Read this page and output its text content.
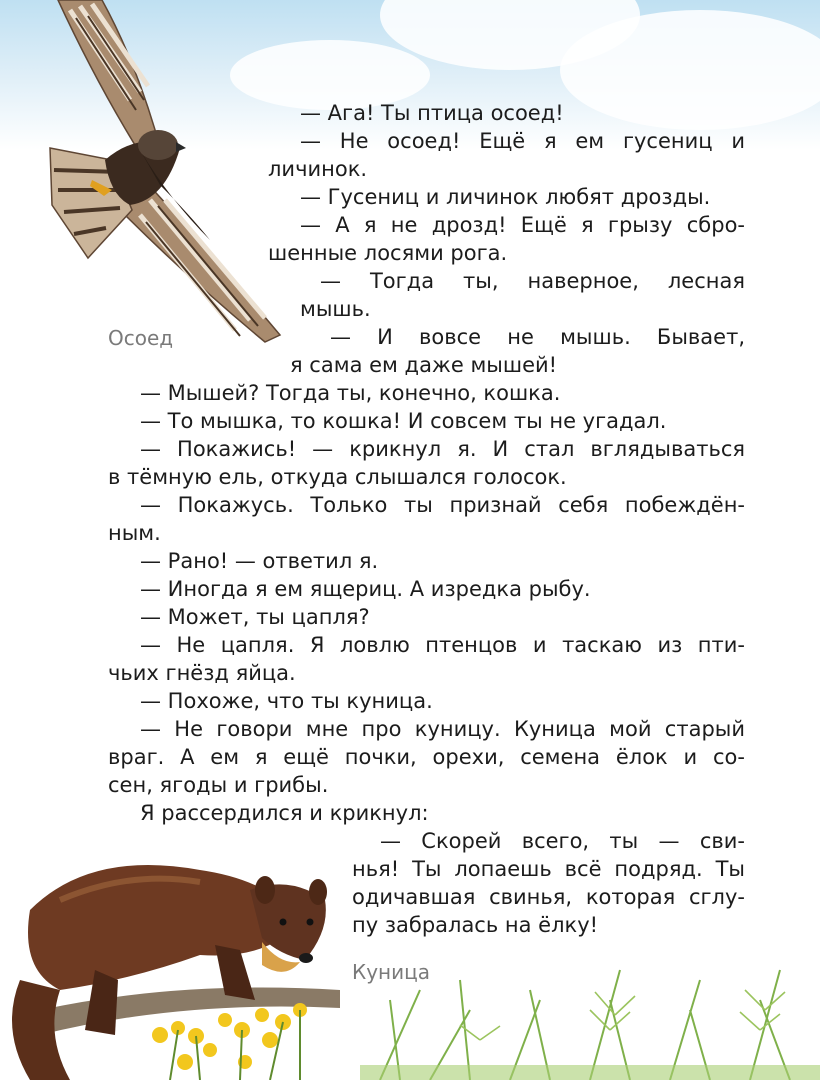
Осоед
— Ага! Ты птица осоед!
— Не осоед! Ещё я ем гусениц и
личинок.
— Гусениц и личинок любят дрозды.
— А я не дрозд! Ещё я грызу сбро-
шенные лосями рога.
— Тогда ты, наверное, лесная
мышь.
— И вовсе не мышь. Бывает,
я сама ем даже мышей!
— Мышей? Тогда ты, конечно, кошка.
— То мышка, то кошка! И совсем ты не угадал.
— Покажись! — крикнул я. И стал вглядываться
в тёмную ель, откуда слышался голосок.
— Покажусь. Только ты признай себя побеждён-
ным.
— Рано! — ответил я.
— Иногда я ем ящериц. А изредка рыбу.
— Может, ты цапля?
— Не цапля. Я ловлю птенцов и таскаю из пти-
чьих гнёзд яйца.
— Похоже, что ты куница.
— Не говори мне про куницу. Куница мой старый
враг. А ем я ещё почки, орехи, семена ёлок и со-
сен, ягоды и грибы.
Я рассердился и крикнул:
— Скорей всего, ты — сви-
нья! Ты лопаешь всё подряд. Ты
одичавшая свинья, которая сглу-
пу забралась на ёлку!
Куница
